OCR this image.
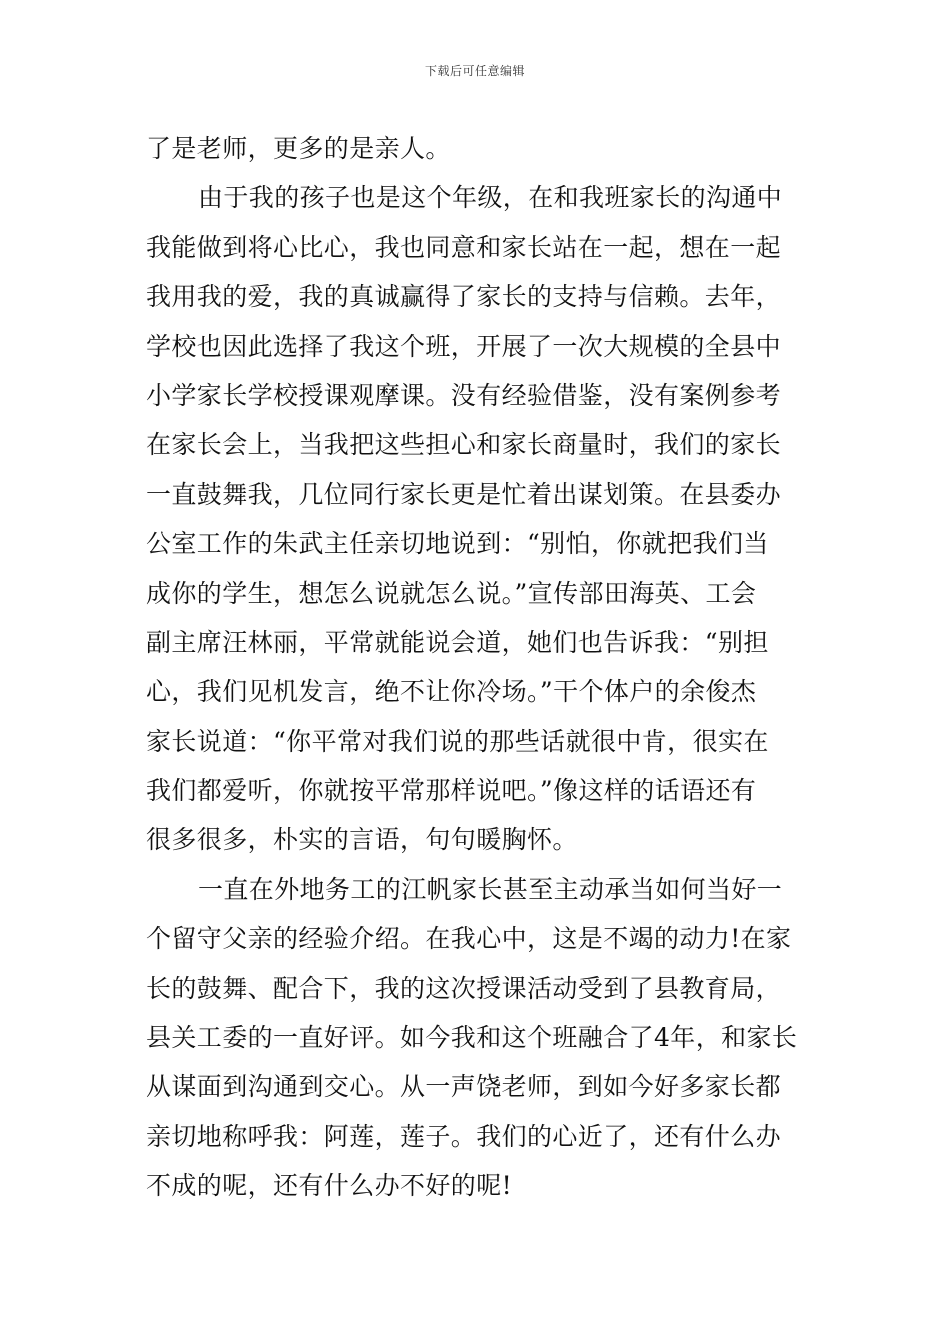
下载后可任意编辑
了是老师，更多的是亲人。
由于我的孩子也是这个年级，在和我班家长的沟通中
我能做到将心比心，我也同意和家长站在一起，想在一起
我用我的爱，我的真诚赢得了家长的支持与信赖。去年，
学校也因此选择了我这个班，开展了一次大规模的全县中
小学家长学校授课观摩课。没有经验借鉴，没有案例参考
在家长会上，当我把这些担心和家长商量时，我们的家长
一直鼓舞我，几位同行家长更是忙着出谋划策。在县委办
公室工作的朱武主任亲切地说到：“别怕，你就把我们当
成你的学生，想怎么说就怎么说。”宣传部田海英、工会
副主席汪林丽，平常就能说会道，她们也告诉我：“别担
心，我们见机发言，绝不让你冷场。”干个体户的余俊杰
家长说道：“你平常对我们说的那些话就很中肯，很实在
我们都爱听，你就按平常那样说吧。”像这样的话语还有
很多很多，朴实的言语，句句暖胸怀。
一直在外地务工的江帆家长甚至主动承当如何当好一
个留守父亲的经验介绍。在我心中，这是不竭的动力!在家
长的鼓舞、配合下，我的这次授课活动受到了县教育局，
县关工委的一直好评。如今我和这个班融合了4年，和家长
从谋面到沟通到交心。从一声饶老师，到如今好多家长都
亲切地称呼我：阿莲，莲子。我们的心近了，还有什么办
不成的呢，还有什么办不好的呢!
